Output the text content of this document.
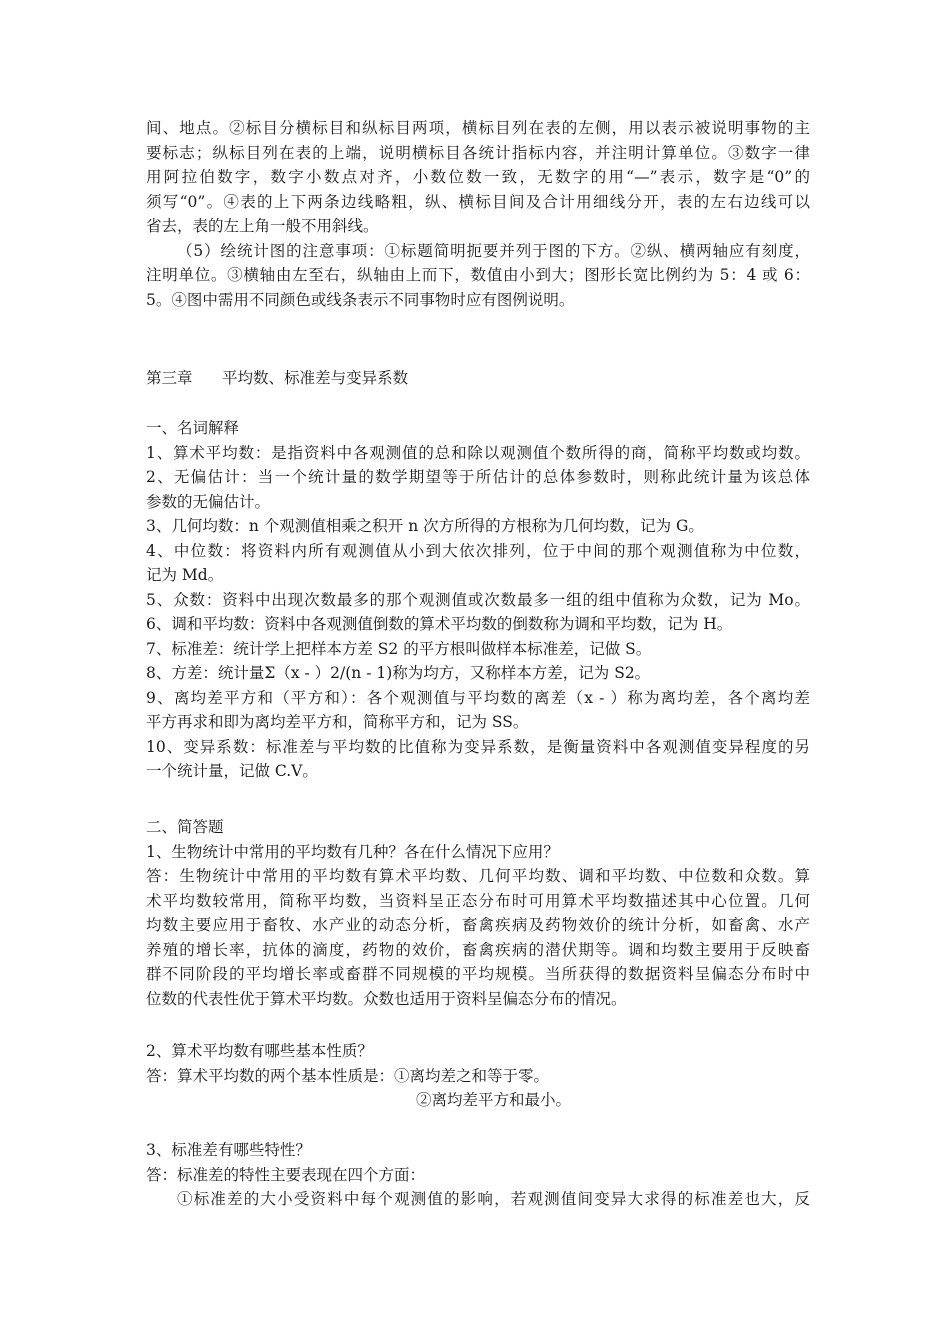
间、地点。②标目分横标目和纵标目两项，横标目列在表的左侧，用以表示被说明事物的主
要标志；纵标目列在表的上端，说明横标目各统计指标内容，并注明计算单位。③数字一律
用阿拉伯数字，数字小数点对齐，小数位数一致，无数字的用“—”表示，数字是“0”的
须写“0”。④表的上下两条边线略粗，纵、横标目间及合计用细线分开，表的左右边线可以
省去，表的左上角一般不用斜线。
（5）绘统计图的注意事项：①标题简明扼要并列于图的下方。②纵、横两轴应有刻度，
注明单位。③横轴由左至右，纵轴由上而下，数值由小到大；图形长宽比例约为 5：4 或 6：
5。④图中需用不同颜色或线条表示不同事物时应有图例说明。
第三章      平均数、标准差与变异系数
一、名词解释
1、算术平均数：是指资料中各观测值的总和除以观测值个数所得的商，简称平均数或均数。
2、无偏估计：当一个统计量的数学期望等于所估计的总体参数时，则称此统计量为该总体
参数的无偏估计。
3、几何均数：n 个观测值相乘之积开 n 次方所得的方根称为几何均数，记为 G。
4、中位数：将资料内所有观测值从小到大依次排列，位于中间的那个观测值称为中位数，
记为 Md。
5、众数：资料中出现次数最多的那个观测值或次数最多一组的组中值称为众数，记为 Mo。
6、调和平均数：资料中各观测值倒数的算术平均数的倒数称为调和平均数，记为 H。
7、标准差：统计学上把样本方差 S2 的平方根叫做样本标准差，记做 S。
8、方差：统计量Σ（x - ）2/(n - 1)称为均方，又称样本方差，记为 S2。
9、离均差平方和（平方和）：各个观测值与平均数的离差（x - ）称为离均差，各个离均差
平方再求和即为离均差平方和，简称平方和，记为 SS。
10、变异系数：标准差与平均数的比值称为变异系数，是衡量资料中各观测值变异程度的另
一个统计量，记做 C.V。
二、简答题
1、生物统计中常用的平均数有几种？各在什么情况下应用？
答：生物统计中常用的平均数有算术平均数、几何平均数、调和平均数、中位数和众数。算
术平均数较常用，简称平均数，当资料呈正态分布时可用算术平均数描述其中心位置。几何
均数主要应用于畜牧、水产业的动态分析，畜禽疾病及药物效价的统计分析，如畜禽、水产
养殖的增长率，抗体的滴度，药物的效价，畜禽疾病的潜伏期等。调和均数主要用于反映畜
群不同阶段的平均增长率或畜群不同规模的平均规模。当所获得的数据资料呈偏态分布时中
位数的代表性优于算术平均数。众数也适用于资料呈偏态分布的情况。
2、算术平均数有哪些基本性质？
答：算术平均数的两个基本性质是：①离均差之和等于零。
②离均差平方和最小。
3、标准差有哪些特性？
答：标准差的特性主要表现在四个方面：
①标准差的大小受资料中每个观测值的影响，若观测值间变异大求得的标准差也大，反
